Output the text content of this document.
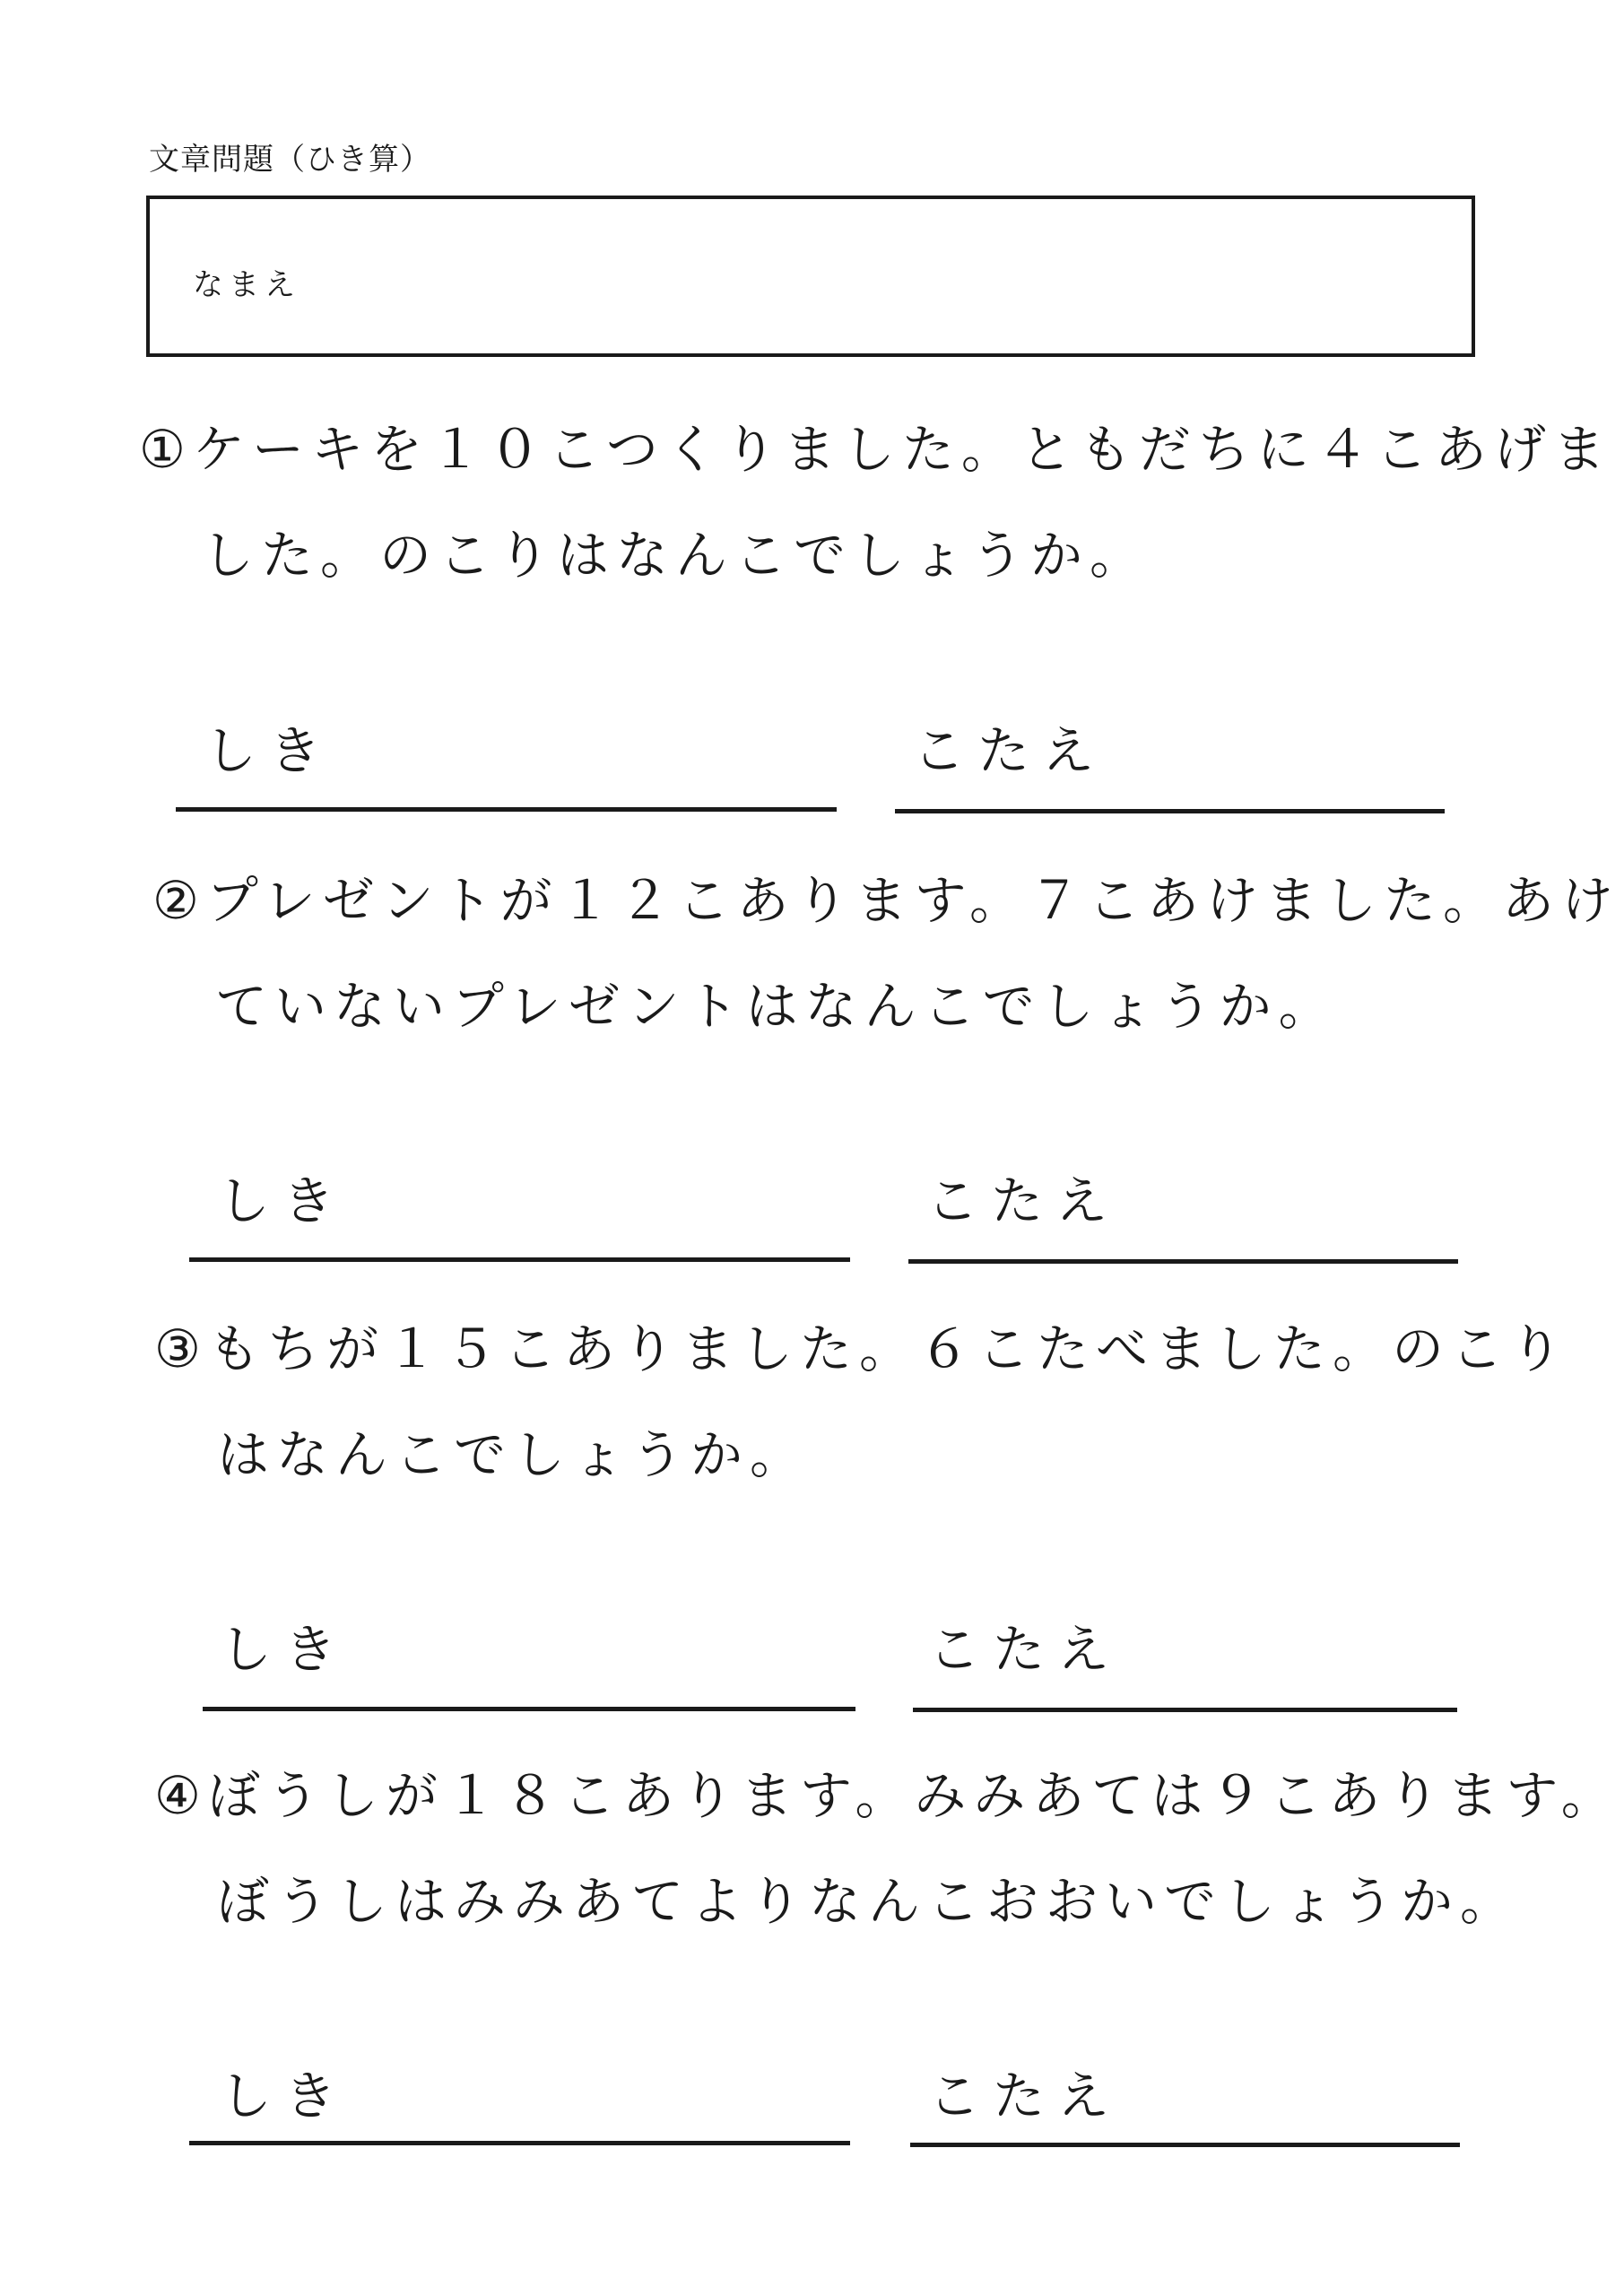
文章問題（ひき算）
なまえ
①ケーキを１０こつくりました。ともだちに４こあげま
した。のこりはなんこでしょうか。
しき	こたえ
②プレゼントが１２こあります。７こあけました。あけ
ていないプレゼントはなんこでしょうか。
しき	こたえ
③もちが１５こありました。６こたべました。のこり
はなんこでしょうか。
しき	こたえ
④ぼうしが１８こあります。みみあては９こあります。
ぼうしはみみあてよりなんこおおいでしょうか。
しき	こたえ
